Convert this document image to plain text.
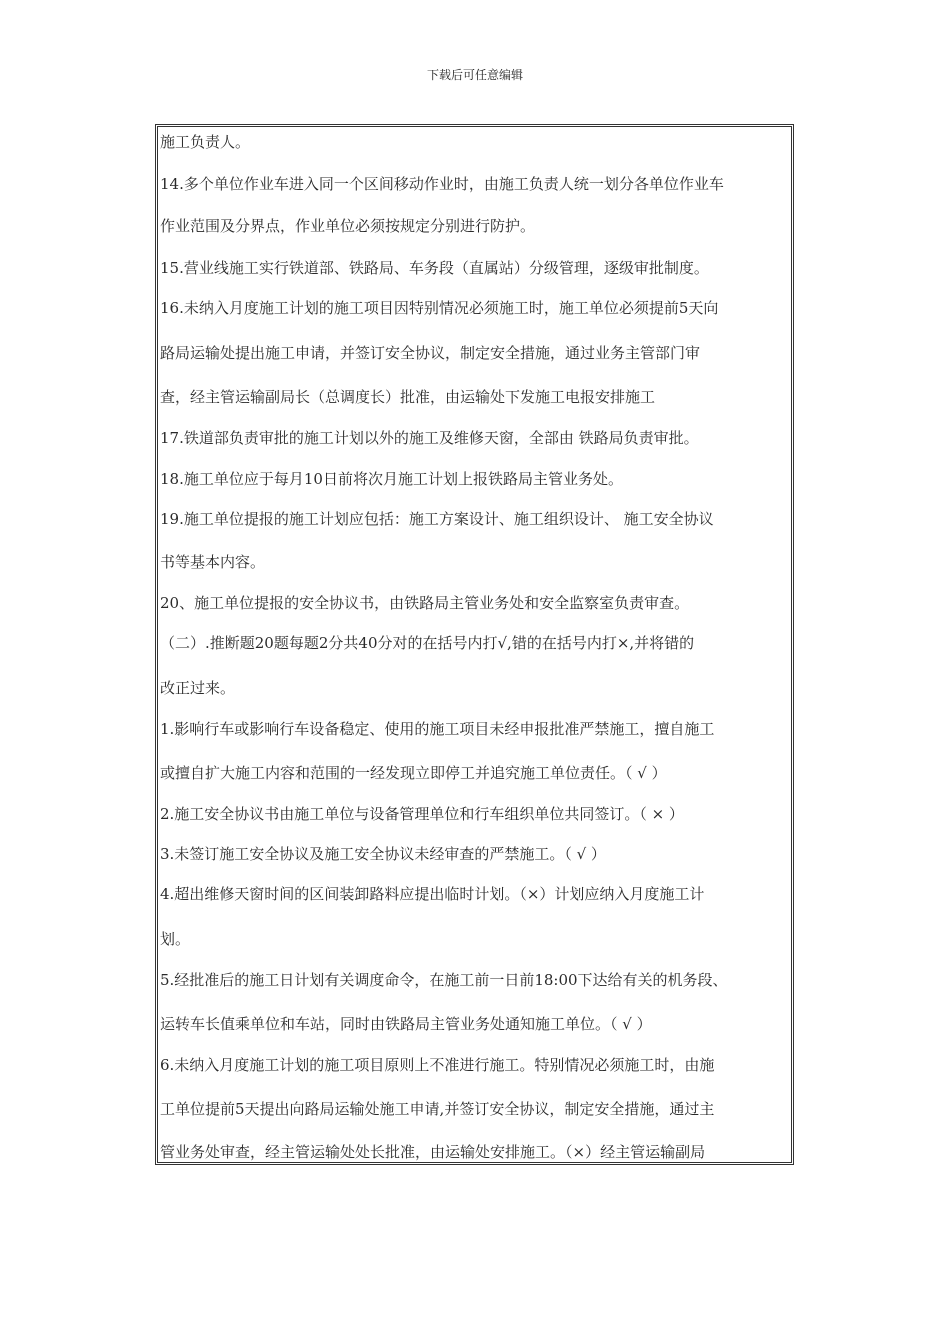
下载后可任意编辑
施工负责人。
14.多个单位作业车进入同一个区间移动作业时，由施工负责人统一划分各单位作业车
作业范围及分界点，作业单位必须按规定分别进行防护。
15.营业线施工实行铁道部、铁路局、车务段（直属站）分级管理，逐级审批制度。
16.未纳入月度施工计划的施工项目因特别情况必须施工时，施工单位必须提前5天向
路局运输处提出施工申请，并签订安全协议，制定安全措施，通过业务主管部门审
查，经主管运输副局长（总调度长）批准，由运输处下发施工电报安排施工
17.铁道部负责审批的施工计划以外的施工及维修天窗，全部由 铁路局负责审批。
18.施工单位应于每月10日前将次月施工计划上报铁路局主管业务处。
19.施工单位提报的施工计划应包括：施工方案设计、施工组织设计、 施工安全协议
书等基本内容。
20、施工单位提报的安全协议书，由铁路局主管业务处和安全监察室负责审查。
（二）.推断题20题每题2分共40分对的在括号内打√,错的在括号内打×,并将错的
改正过来。
1.影响行车或影响行车设备稳定、使用的施工项目未经申报批准严禁施工，擅自施工
或擅自扩大施工内容和范围的一经发现立即停工并追究施工单位责任。（ √ ）
2.施工安全协议书由施工单位与设备管理单位和行车组织单位共同签订。（ × ）
3.未签订施工安全协议及施工安全协议未经审查的严禁施工。（ √ ）
4.超出维修天窗时间的区间装卸路料应提出临时计划。（×）计划应纳入月度施工计
划。
5.经批准后的施工日计划有关调度命令，在施工前一日前18:00下达给有关的机务段、
运转车长值乘单位和车站，同时由铁路局主管业务处通知施工单位。（ √ ）
6.未纳入月度施工计划的施工项目原则上不准进行施工。特别情况必须施工时，由施
工单位提前5天提出向路局运输处施工申请,并签订安全协议，制定安全措施，通过主
管业务处审查，经主管运输处处长批准，由运输处安排施工。（×）经主管运输副局
